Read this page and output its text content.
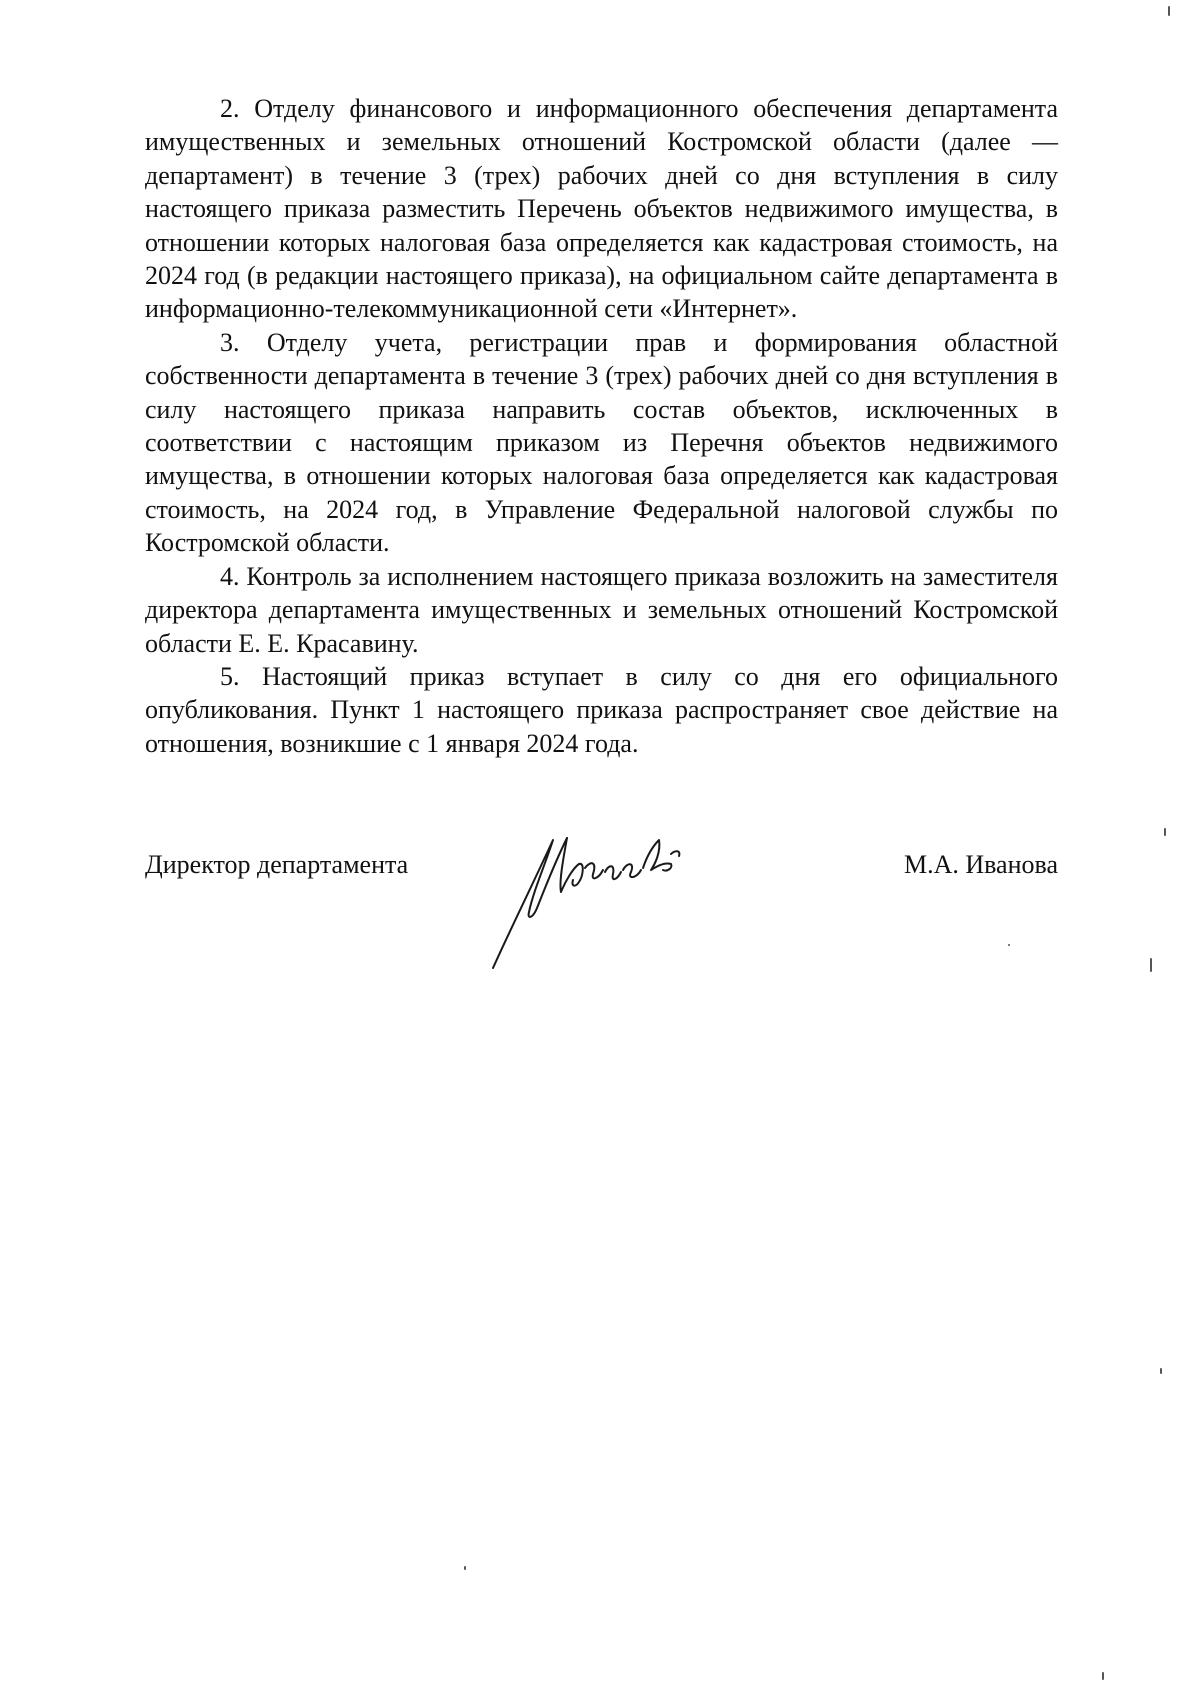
2. Отделу финансового и информационного обеспечения департамента имущественных и земельных отношений Костромской области (далее — департамент) в течение 3 (трех) рабочих дней со дня вступления в силу настоящего приказа разместить Перечень объектов недвижимого имущества, в отношении которых налоговая база определяется как кадастровая стоимость, на 2024 год (в редакции настоящего приказа), на официальном сайте департамента в информационно-телекоммуникационной сети «Интернет».

3. Отделу учета, регистрации прав и формирования областной собственности департамента в течение 3 (трех) рабочих дней со дня вступления в силу настоящего приказа направить состав объектов, исключенных в соответствии с настоящим приказом из Перечня объектов недвижимого имущества, в отношении которых налоговая база определяется как кадастровая стоимость, на 2024 год, в Управление Федеральной налоговой службы по Костромской области.

4. Контроль за исполнением настоящего приказа возложить на заместителя директора департамента имущественных и земельных отношений Костромской области Е. Е. Красавину.

5. Настоящий приказ вступает в силу со дня его официального опубликования. Пункт 1 настоящего приказа распространяет свое действие на отношения, возникшие с 1 января 2024 года.

Директор департамента	М.А. Иванова
